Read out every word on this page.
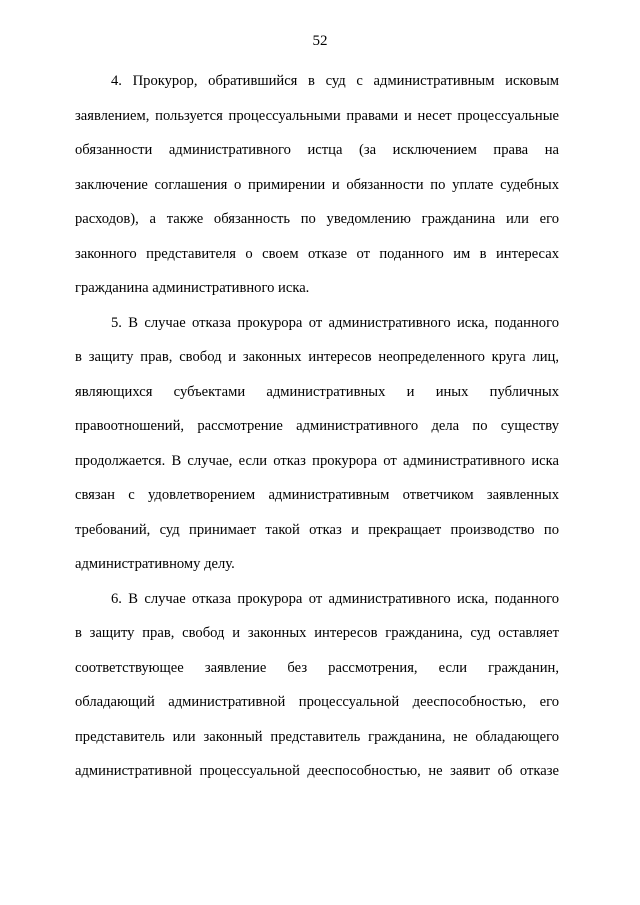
52

4. Прокурор, обратившийся в суд с административным исковым
заявлением, пользуется процессуальными правами и несет процессуальные
обязанности административного истца (за исключением права на
заключение соглашения о примирении и обязанности по уплате судебных
расходов), а также обязанность по уведомлению гражданина или его
законного представителя о своем отказе от поданного им в интересах
гражданина административного иска.

5. В случае отказа прокурора от административного иска, поданного
в защиту прав, свобод и законных интересов неопределенного круга лиц,
являющихся субъектами административных и иных публичных
правоотношений, рассмотрение административного дела по существу
продолжается. В случае, если отказ прокурора от административного иска
связан с удовлетворением административным ответчиком заявленных
требований, суд принимает такой отказ и прекращает производство по
административному делу.

6. В случае отказа прокурора от административного иска, поданного
в защиту прав, свобод и законных интересов гражданина, суд оставляет
соответствующее заявление без рассмотрения, если гражданин,
обладающий административной процессуальной дееспособностью, его
представитель или законный представитель гражданина, не обладающего
административной процессуальной дееспособностью, не заявит об отказе
